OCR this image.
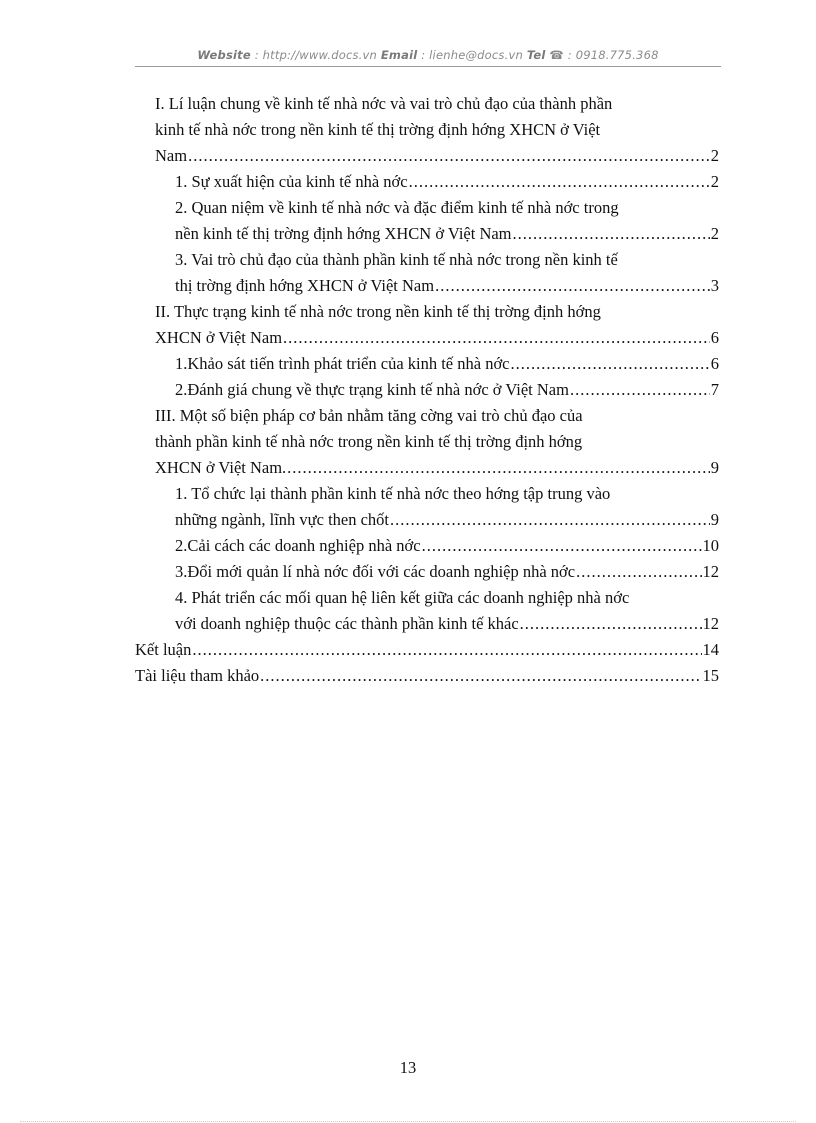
Website : http://www.docs.vn Email : lienhe@docs.vn Tel ☎ : 0918.775.368
I. Lí luận chung về kinh tế nhà nớc và vai trò chủ đạo của thành phần
kinh tế nhà nớc trong nền kinh tế thị trờng định hớng XHCN ở Việt
Nam .....	2
1. Sự xuất hiện của kinh tế nhà nớc .....	2
2. Quan niệm về kinh tế nhà nớc và đặc điểm kinh tế nhà nớc trong
nền kinh tế thị trờng định hớng XHCN ở Việt Nam .....	2
3. Vai trò chủ đạo của thành phần kinh tế nhà nớc trong nền kinh tế
thị trờng định hớng XHCN ở Việt Nam .....	3
II. Thực trạng kinh tế nhà nớc trong nền kinh tế thị trờng định hớng
XHCN ở Việt Nam .....	6
1.Khảo sát tiến trình phát triển của kinh tế nhà nớc .....	6
2.Đánh giá chung về thực trạng kinh tế nhà nớc ở Việt Nam .....	7
III. Một số biện pháp cơ bản nhằm tăng cờng vai trò chủ đạo của
thành phần kinh tế nhà nớc trong nền kinh tế thị trờng định hớng
XHCN ở Việt Nam. .....	9
1. Tổ chức lại thành phần kinh tế nhà nớc theo hớng tập trung vào
những ngành, lĩnh vực then chốt .....	9
2.Cải cách các doanh nghiệp nhà nớc .....	10
3.Đổi mới quản lí nhà nớc đối với các doanh nghiệp nhà nớc .....	12
4. Phát triển các mối quan hệ liên kết giữa các doanh nghiệp nhà nớc
với doanh nghiệp thuộc các thành phần kinh tế khác .....	12
Kết luận .....	14
Tài liệu tham khảo .....	15
13
